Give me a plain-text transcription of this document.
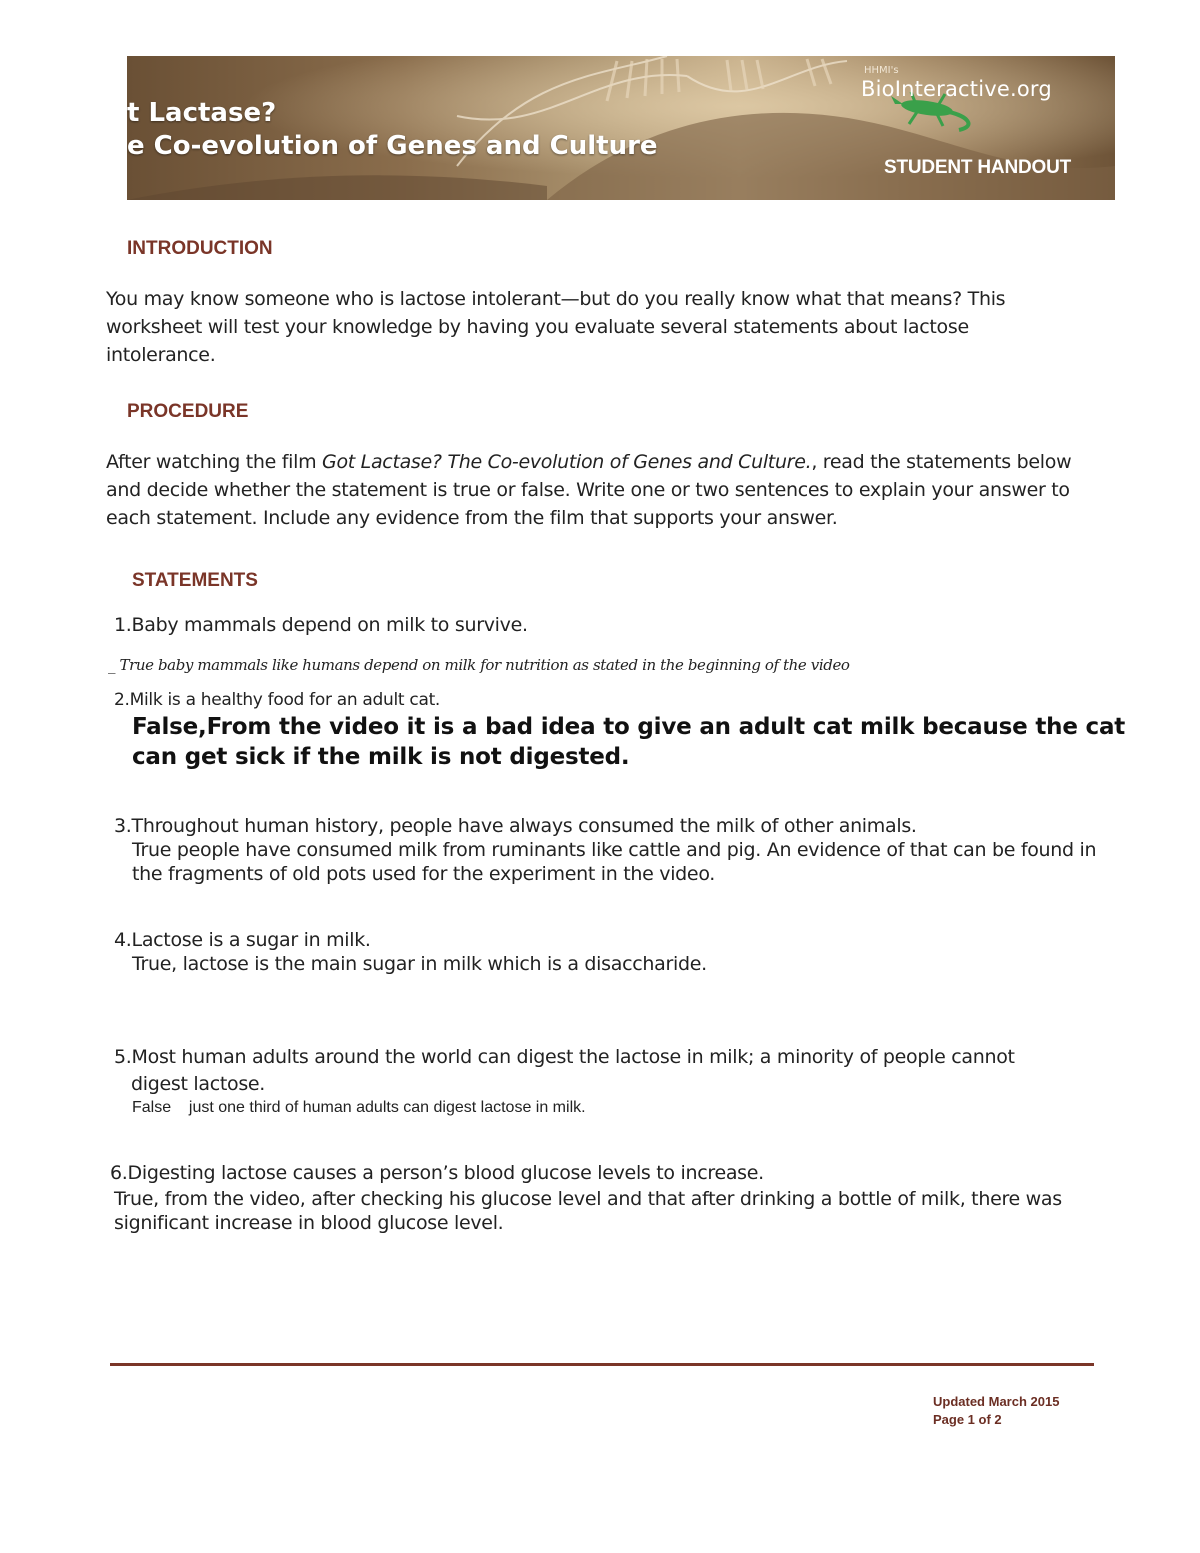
t Lactase?
e Co-evolution of Genes and Culture
HHMI's
BioInteractive.org
STUDENT HANDOUT
INTRODUCTION
You may know someone who is lactose intolerant—but do you really know what that means? This worksheet will test your knowledge by having you evaluate several statements about lactose intolerance.
PROCEDURE
After watching the film Got Lactase? The Co-evolution of Genes and Culture., read the statements below and decide whether the statement is true or false. Write one or two sentences to explain your answer to each statement. Include any evidence from the film that supports your answer.
STATEMENTS
1.Baby mammals depend on milk to survive.
_ True baby mammals like humans depend on milk for nutrition as stated in the beginning of the video
2.Milk is a healthy food for an adult cat.
False,From the video it is a bad idea to give an adult cat milk because the cat can get sick if the milk is not digested.
3.Throughout human history, people have always consumed the milk of other animals.
True people have consumed milk from ruminants like cattle and pig. An evidence of that can be found in the fragments of old pots used for the experiment in the video.
4.Lactose is a sugar in milk.
True, lactose is the main sugar in milk which is a disaccharide.
5.Most human adults around the world can digest the lactose in milk; a minority of people cannot digest lactose.
False    just one third of human adults can digest lactose in milk.
6.Digesting lactose causes a person’s blood glucose levels to increase.
True, from the video, after checking his glucose level and that after drinking a bottle of milk, there was significant increase in blood glucose level.
Updated March 2015
Page 1 of 2
